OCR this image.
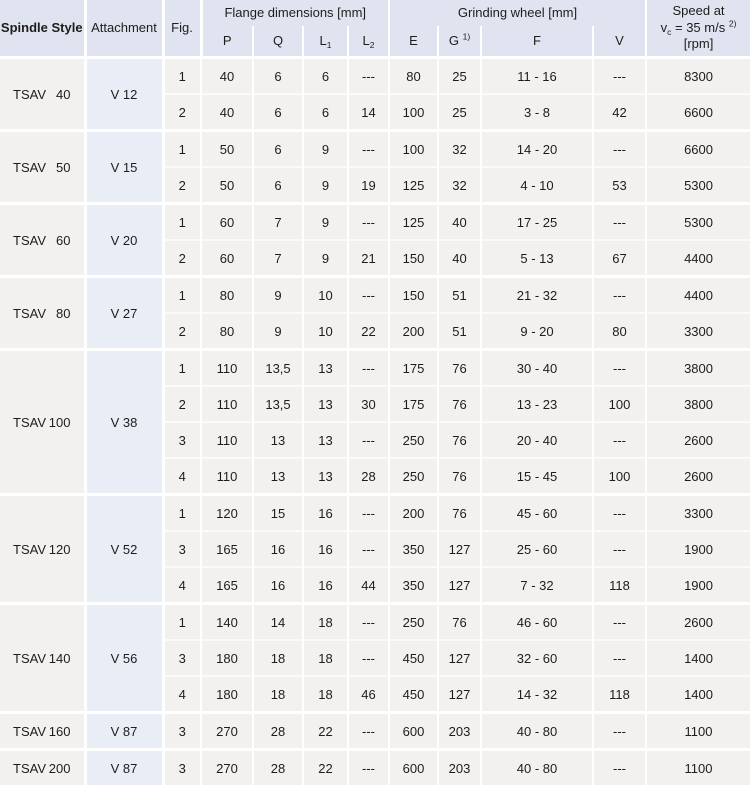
Spindle Style	Attachment	Fig.	Flange dimensions [mm]				Grinding wheel [mm]				Speed at
$v_c = 35$ m/s $^{2)}$
[rpm]
			P	Q	$L_1$	$L_2$	E	G $^{1)}$	F	V	

TSAV 40	V 12	1	40	6	6	---	80	25	11 - 16	---	8300
		2	40	6	6	14	100	25	3 - 8	42	6600

TSAV 50	V 15	1	50	6	9	---	100	32	14 - 20	---	6600
		2	50	6	9	19	125	32	4 - 10	53	5300

TSAV 60	V 20	1	60	7	9	---	125	40	17 - 25	---	5300
		2	60	7	9	21	150	40	5 - 13	67	4400

TSAV 80	V 27	1	80	9	10	---	150	51	21 - 32	---	4400
		2	80	9	10	22	200	51	9 - 20	80	3300

TSAV 100	V 38	1	110	13,5	13	---	175	76	30 - 40	---	3800
		2	110	13,5	13	30	175	76	13 - 23	100	3800
		3	110	13	13	---	250	76	20 - 40	---	2600
		4	110	13	13	28	250	76	15 - 45	100	2600

TSAV 120	V 52	1	120	15	16	---	200	76	45 - 60	---	3300
		3	165	16	16	---	350	127	25 - 60	---	1900
		4	165	16	16	44	350	127	7 - 32	118	1900

TSAV 140	V 56	1	140	14	18	---	250	76	46 - 60	---	2600
		3	180	18	18	---	450	127	32 - 60	---	1400
		4	180	18	18	46	450	127	14 - 32	118	1400

TSAV 160	V 87	3	270	28	22	---	600	203	40 - 80	---	1100

TSAV 200	V 87	3	270	28	22	---	600	203	40 - 80	---	1100
